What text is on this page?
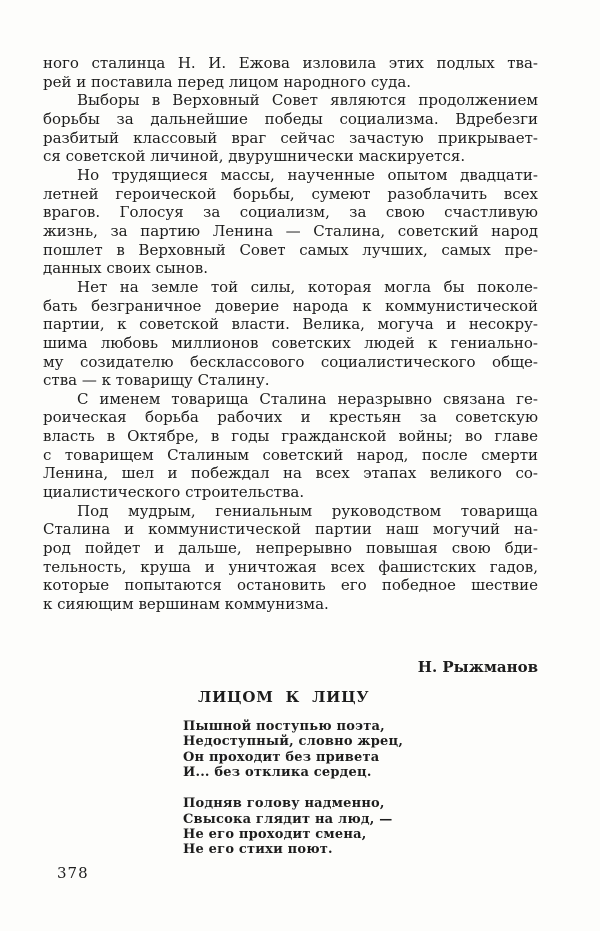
ного сталинца Н. И. Ежова изловила этих подлых тва-
рей и поставила перед лицом народного суда.
Выборы в Верховный Совет являются продолжением
борьбы за дальнейшие победы социализма. Вдребезги
разбитый классовый враг сейчас зачастую прикрывает-
ся советской личиной, двурушнически маскируется.
Но трудящиеся массы, наученные опытом двадцати-
летней героической борьбы, сумеют разоблачить всех
врагов. Голосуя за социализм, за свою счастливую
жизнь, за партию Ленина — Сталина, советский народ
пошлет в Верховный Совет самых лучших, самых пре-
данных своих сынов.
Нет на земле той силы, которая могла бы поколе-
бать безграничное доверие народа к коммунистической
партии, к советской власти. Велика, могуча и несокру-
шима любовь миллионов советских людей к гениально-
му созидателю бесклассового социалистического обще-
ства — к товарищу Сталину.
С именем товарища Сталина неразрывно связана ге-
роическая борьба рабочих и крестьян за советскую
власть в Октябре, в годы гражданской войны; во главе
с товарищем Сталиным советский народ, после смерти
Ленина, шел и побеждал на всех этапах великого со-
циалистического строительства.
Под мудрым, гениальным руководством товарища
Сталина и коммунистической партии наш могучий на-
род пойдет и дальше, непрерывно повышая свою бди-
тельность, круша и уничтожая всех фашистских гадов,
которые попытаются остановить его победное шествие
к сияющим вершинам коммунизма.
Н. Рыжманов
ЛИЦОМ К ЛИЦУ
Пышной поступью поэта,
Недоступный, словно жрец,
Он проходит без привета
И... без отклика сердец.
Подняв голову надменно,
Свысока глядит на люд, —
Не его проходит смена,
Не его стихи поют.
378
